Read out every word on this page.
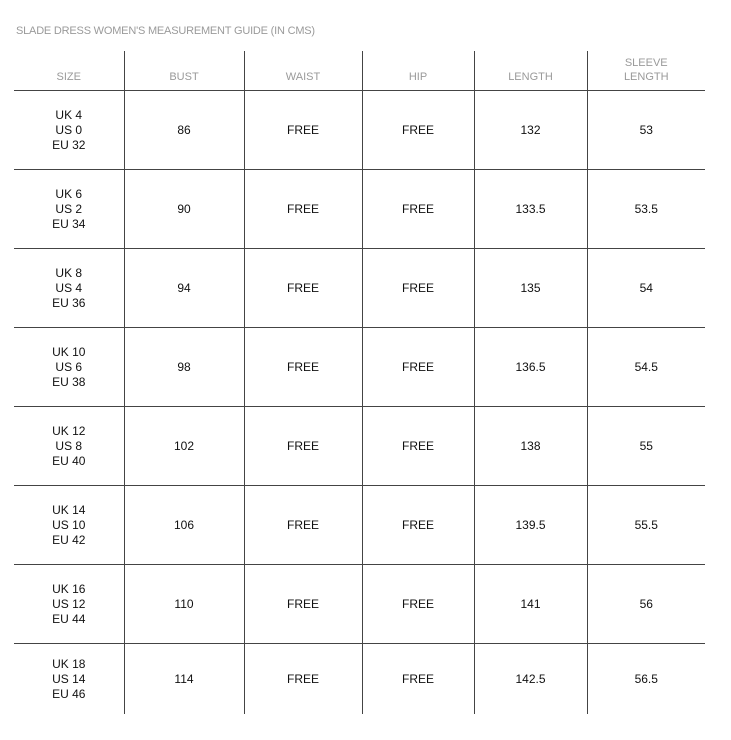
SLADE DRESS WOMEN'S MEASUREMENT GUIDE (IN CMS)
SIZE	BUST	WAIST	HIP	LENGTH	SLEEVE
LENGTH

UK 4
US 0
EU 32	86	FREE	FREE	132	53

UK 6
US 2
EU 34	90	FREE	FREE	133.5	53.5

UK 8
US 4
EU 36	94	FREE	FREE	135	54

UK 10
US 6
EU 38	98	FREE	FREE	136.5	54.5

UK 12
US 8
EU 40	102	FREE	FREE	138	55

UK 14
US 10
EU 42	106	FREE	FREE	139.5	55.5

UK 16
US 12
EU 44	110	FREE	FREE	141	56

UK 18
US 14
EU 46	114	FREE	FREE	142.5	56.5
